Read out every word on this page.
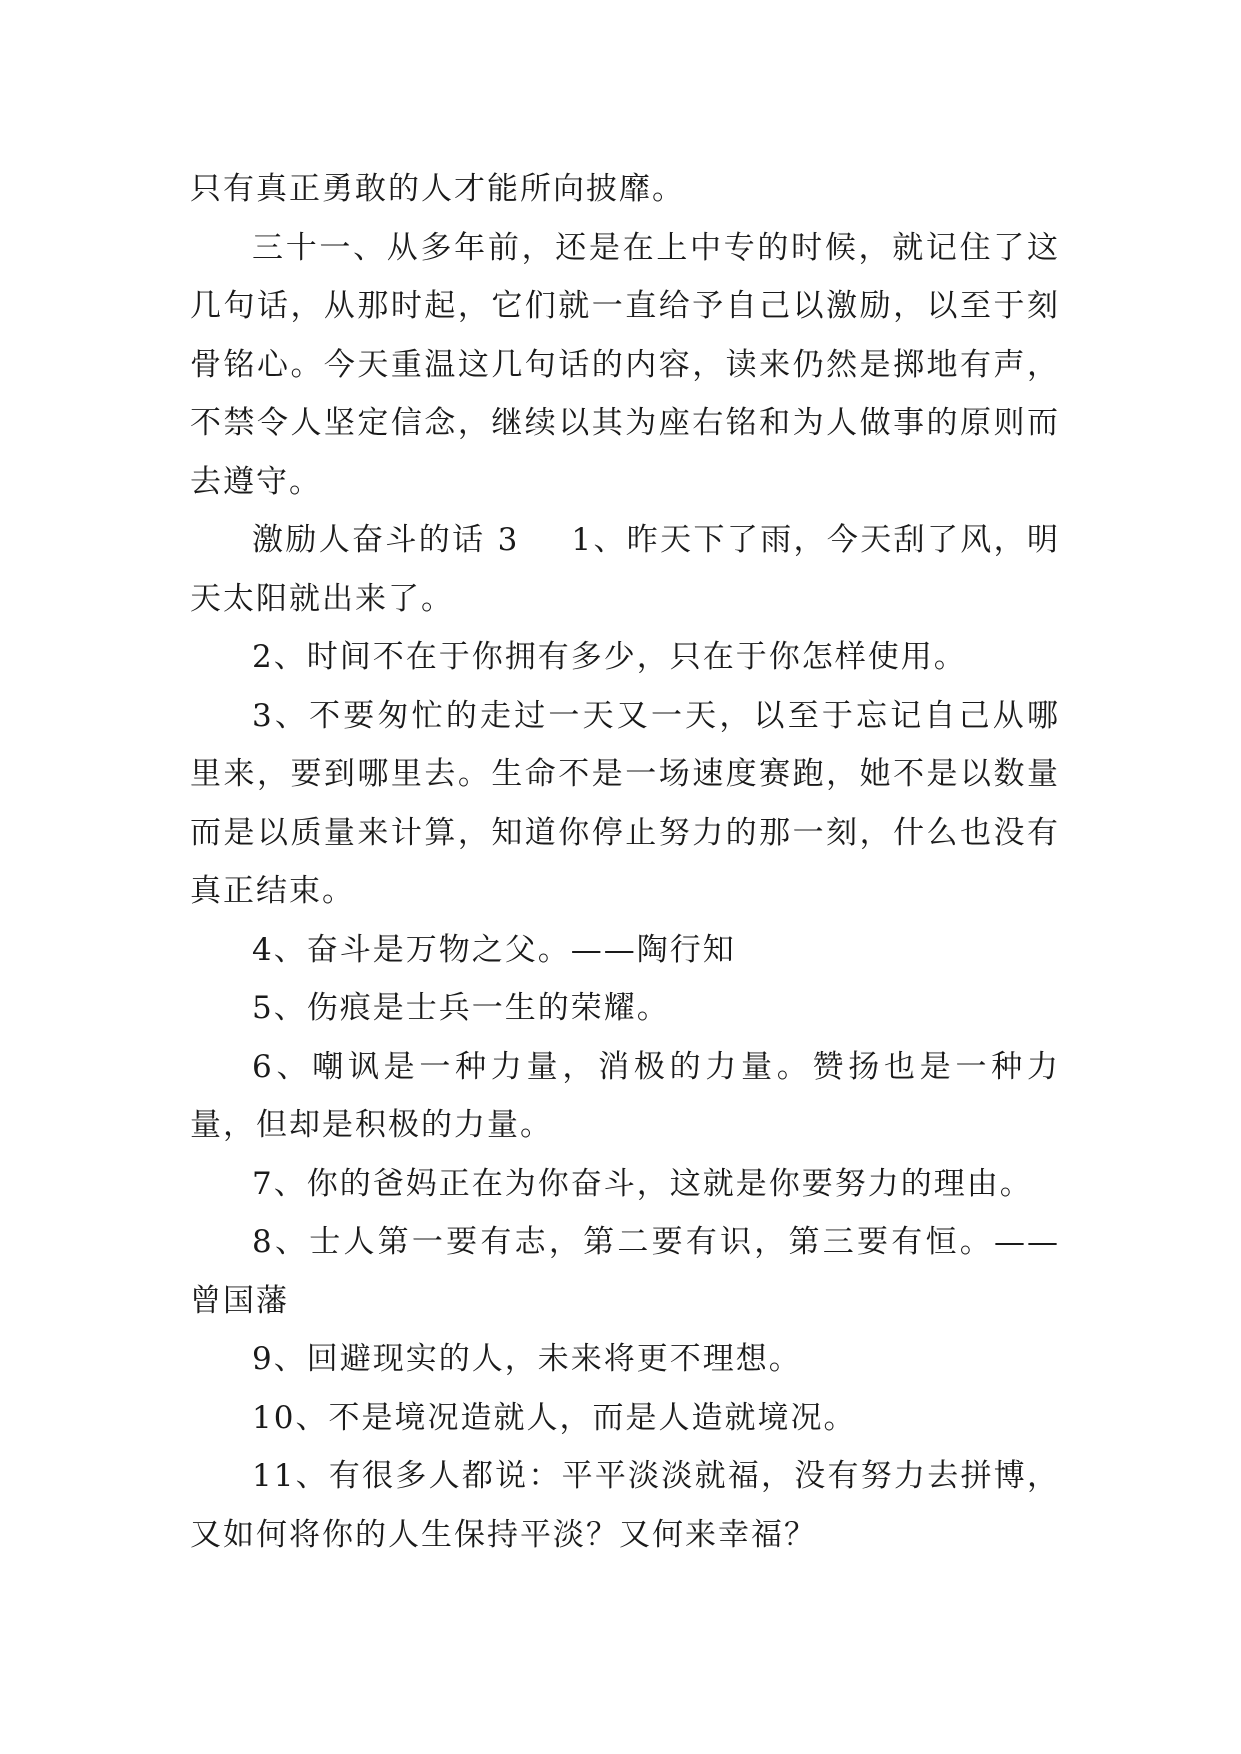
只有真正勇敢的人才能所向披靡。

三十一、从多年前，还是在上中专的时候，就记住了这几句话，从那时起，它们就一直给予自己以激励，以至于刻骨铭心。今天重温这几句话的内容，读来仍然是掷地有声，不禁令人坚定信念，继续以其为座右铭和为人做事的原则而去遵守。

激励人奋斗的话 3 1、昨天下了雨，今天刮了风，明天太阳就出来了。

2、时间不在于你拥有多少，只在于你怎样使用。

3、不要匆忙的走过一天又一天，以至于忘记自己从哪里来，要到哪里去。生命不是一场速度赛跑，她不是以数量而是以质量来计算，知道你停止努力的那一刻，什么也没有真正结束。

4、奋斗是万物之父。——陶行知

5、伤痕是士兵一生的荣耀。

6、嘲讽是一种力量，消极的力量。赞扬也是一种力量，但却是积极的力量。

7、你的爸妈正在为你奋斗，这就是你要努力的理由。

8、士人第一要有志，第二要有识，第三要有恒。——曾国藩

9、回避现实的人，未来将更不理想。

10、不是境况造就人，而是人造就境况。

11、有很多人都说：平平淡淡就福，没有努力去拼博，又如何将你的人生保持平淡？又何来幸福？
